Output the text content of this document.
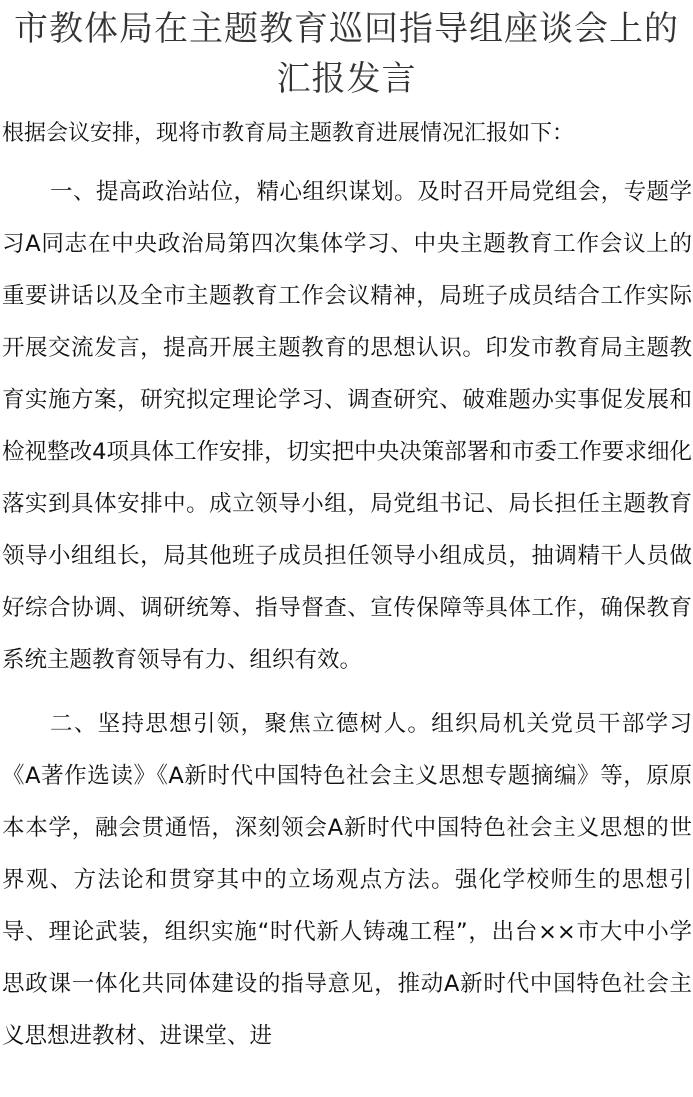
市教体局在主题教育巡回指导组座谈会上的汇报发言

根据会议安排，现将市教育局主题教育进展情况汇报如下：

一、提高政治站位，精心组织谋划。及时召开局党组会，专题学习A同志在中央政治局第四次集体学习、中央主题教育工作会议上的重要讲话以及全市主题教育工作会议精神，局班子成员结合工作实际开展交流发言，提高开展主题教育的思想认识。印发市教育局主题教育实施方案，研究拟定理论学习、调查研究、破难题办实事促发展和检视整改4项具体工作安排，切实把中央决策部署和市委工作要求细化落实到具体安排中。成立领导小组，局党组书记、局长担任主题教育领导小组组长，局其他班子成员担任领导小组成员，抽调精干人员做好综合协调、调研统筹、指导督查、宣传保障等具体工作，确保教育系统主题教育领导有力、组织有效。

二、坚持思想引领，聚焦立德树人。组织局机关党员干部学习《A著作选读》《A新时代中国特色社会主义思想专题摘编》等，原原本本学，融会贯通悟，深刻领会A新时代中国特色社会主义思想的世界观、方法论和贯穿其中的立场观点方法。强化学校师生的思想引导、理论武装，组织实施“时代新人铸魂工程”，出台××市大中小学思政课一体化共同体建设的指导意见，推动A新时代中国特色社会主义思想进教材、进课堂、进
